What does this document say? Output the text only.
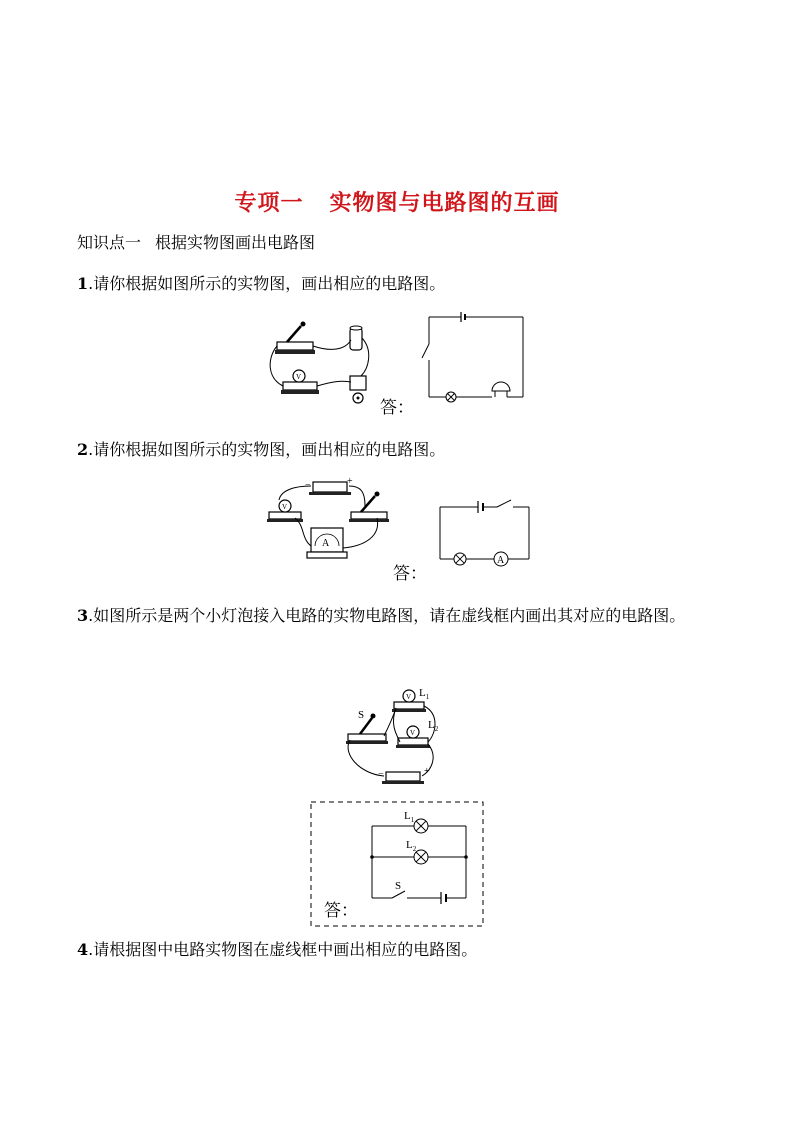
专项一 实物图与电路图的互画
知识点一 根据实物图画出电路图
1.请你根据如图所示的实物图，画出相应的电路图。
V
答：
2.请你根据如图所示的实物图，画出相应的电路图。
−	+
V
A
答：
A
3.如图所示是两个小灯泡接入电路的实物电路图，请在虚线框内画出其对应的电路图。
V $L_1$
V
$L_2$
S
−	+
$L_1$
$L_2$
S
答：
4.请根据图中电路实物图在虚线框中画出相应的电路图。
